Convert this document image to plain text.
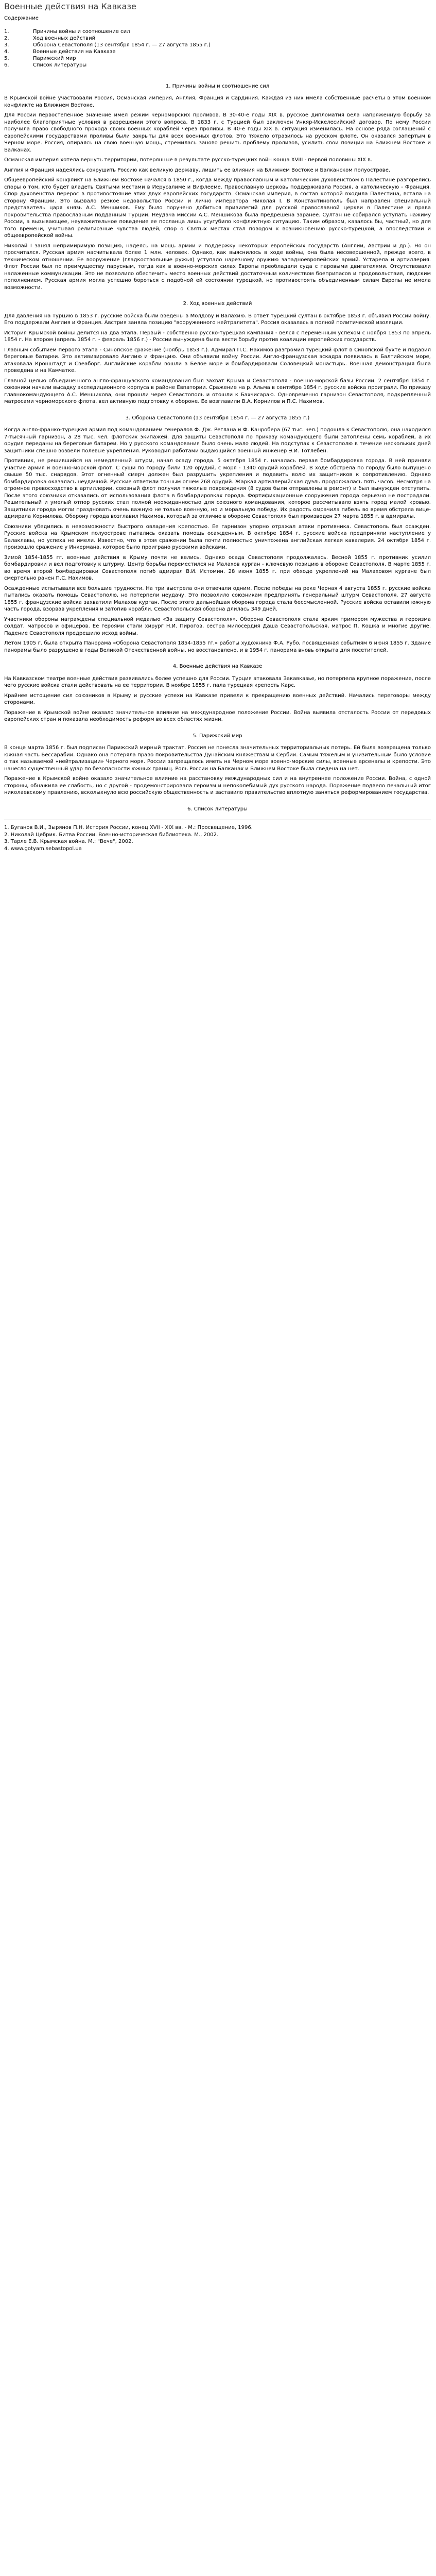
Военные действия на Кавказе
Содержание
1.	Причины войны и соотношение сил
2.	Ход военных действий
3.	Оборона Севастополя (13 сентября 1854 г. — 27 августа 1855 г.)
4.	Военные действия на Кавказе
5.	Парижский мир
6.	Список литературы
1. Причины войны и соотношение сил

В Крымской войне участвовали Россия, Османская империя, Англия, Франция и Сардиния. Каждая из них имела собственные расчеты в этом военном конфликте на Ближнем Востоке.

Для России первостепенное значение имел режим черноморских проливов. В 30-40-е годы XIX в. русское дипломатия вела напряженную борьбу за наиболее благоприятные условия в разрешении этого вопроса. В 1833 г. с Турцией был заключен Ункяр-Искелесийский договор. По нему России получила право свободного прохода своих военных кораблей через проливы. В 40-е годы XIX в. ситуация изменилась. На основе ряда соглашений с европейскими государствами проливы были закрыты для всех военных флотов. Это тяжело отразилось на русском флоте. Он оказался запертым в Черном море. Россия, опираясь на свою военную мощь, стремилась заново решить проблему проливов, усилить свои позиции на Ближнем Востоке и Балканах.

Османская империя хотела вернуть территории, потерянные в результате русско-турецких войн конца XVIII - первой половины XIX в.

Англия и Франция надеялись сокрушить Россию как великую державу, лишить ее влияния на Ближнем Востоке и Балканском полуострове.

Общеевропейский конфликт на Ближнем Востоке начался в 1850 г., когда между православным и католическим духовенством в Палестине разгорелись споры о том, кто будет владеть Святыми местами в Иерусалиме и Вифлееме. Православную церковь поддерживала Россия, а католическую - Франция. Спор духовенства перерос в противостояние этих двух европейских государств. Османская империя, в состав которой входила Палестина, встала на сторону Франции. Это вызвало резкое недовольство России и лично императора Николая I. В Константинополь был направлен специальный представитель царя князь А.С. Меншиков. Ему было поручено добиться привилегий для русской православной церкви в Палестине и права покровительства православным подданным Турции. Неудача миссии А.С. Меншикова была предрешена заранее. Султан не собирался уступать нажиму России, а вызывающее, неуважительное поведение ее посланца лишь усугубило конфликтную ситуацию. Таким образом, казалось бы, частный, но для того времени, учитывая религиозные чувства людей, спор о Святых местах стал поводом к возникновению русско-турецкой, а впоследствии и общеевропейской войны.

Николай I занял непримиримую позицию, надеясь на мощь армии и поддержку некоторых европейских государств (Англии, Австрии и др.). Но он просчитался. Русская армия насчитывала более 1 млн. человек. Однако, как выяснилось в ходе войны, она была несовершенной, прежде всего, в техническом отношении. Ее вооружение (гладкоствольные ружья) уступало нарезному оружию западноевропейских армий. Устарела и артиллерия. Флот России был по преимуществу парусным, тогда как в военно-морских силах Европы преобладали суда с паровыми двигателями. Отсутствовали налаженные коммуникации. Это не позволило обеспечить место военных действий достаточным количеством боеприпасов и продовольствия, людским пополнением. Русская армия могла успешно бороться с подобной ей состоянии турецкой, но противостоять объединенным силам Европы не имела возможности.

2. Ход военных действий

Для давления на Турцию в 1853 г. русские войска были введены в Молдову и Валахию. В ответ турецкий султан в октябре 1853 г. объявил России войну. Его поддержали Англия и Франция. Австрия заняла позицию "вооруженного нейтралитета". Россия оказалась в полной политической изоляции.

История Крымской войны делится на два этапа. Первый - собственно русско-турецкая кампания - велся с переменным успехом с ноября 1853 по апрель 1854 г. На втором (апрель 1854 г. - февраль 1856 г.) - России вынуждена была вести борьбу против коалиции европейских государств.

Главным событием первого этапа - Синопское сражение (ноябрь 1853 г.). Адмирал П.С. Нахимов разгромил турецкий флот в Синопской бухте и подавил береговые батареи. Это активизировало Англию и Францию. Они объявили войну России. Англо-французская эскадра появилась в Балтийском море, атаковала Кронштадт и Свеаборг. Английские корабли вошли в Белое море и бомбардировали Соловецкий монастырь. Военная демонстрация была проведена и на Камчатке.

Главной целью объединенного англо-французского командования был захват Крыма и Севастополя - военно-морской базы России. 2 сентября 1854 г. союзники начали высадку экспедиционного корпуса в районе Евпатории. Сражение на р. Альма в сентябре 1854 г. русские войска проиграли. По приказу главнокомандующего А.С. Меншикова, они прошли через Севастополь и отошли к Бахчисараю. Одновременно гарнизон Севастополя, подкрепленный матросами черноморского флота, вел активную подготовку к обороне. Ее возглавили В.А. Корнилов и П.С. Нахимов.

3. Оборона Севастополя (13 сентября 1854 г. — 27 августа 1855 г.)

Когда англо-франко-турецкая армия под командованием генералов Ф. Дж. Реглана и Ф. Канробера (67 тыс. чел.) подошла к Севастополю, она находился 7-тысячный гарнизон, а 28 тыс. чел. флотских экипажей. Для защиты Севастополя по приказу командующего были затоплены семь кораблей, а их орудия переданы на береговые батареи. Но у русского командования было очень мало людей. На подступах к Севастополю в течение нескольких дней защитники спешно возвели полевые укрепления. Руководил работами выдающийся военный инженер Э.И. Тотлебен.

Противник, не решившийся на немедленный штурм, начал осаду города. 5 октября 1854 г. началась первая бомбардировка города. В ней приняли участие армия и военно-морской флот. С суши по городу били 120 орудий, с моря - 1340 орудий кораблей. В ходе обстрела по городу было выпущено свыше 50 тыс. снарядов. Этот огненный смерч должен был разрушить укрепления и подавить волю их защитников к сопротивлению. Однако бомбардировка оказалась неудачной. Русские ответили точным огнем 268 орудий. Жаркая артиллерийская дуэль продолжалась пять часов. Несмотря на огромное превосходство в артиллерии, союзный флот получил тяжелые повреждения (8 судов были отправлены в ремонт) и был вынужден отступить. После этого союзники отказались от использования флота в бомбардировках города. Фортификационные сооружения города серьезно не пострадали. Решительный и умелый отпор русских стал полной неожиданностью для союзного командования, которое рассчитывало взять город малой кровью. Защитники города могли праздновать очень важную не только военную, но и моральную победу. Их радость омрачила гибель во время обстрела вице-адмирала Корнилова. Оборону города возглавил Нахимов, который за отличие в обороне Севастополя был произведен 27 марта 1855 г. в адмиралы.

Союзники убедились в невозможности быстрого овладения крепостью. Ее гарнизон упорно отражал атаки противника. Севастополь был осажден. Русские войска на Крымском полуострове пытались оказать помощь осажденным. В октябре 1854 г. русские войска предприняли наступление у Балаклавы, но успеха не имели. Известно, что в этом сражении была почти полностью уничтожена английская легкая кавалерия. 24 октября 1854 г. произошло сражение у Инкермана, которое было проиграно русскими войсками.

Зимой 1854-1855 гг. военные действия в Крыму почти не велись. Однако осада Севастополя продолжалась. Весной 1855 г. противник усилил бомбардировки и вел подготовку к штурму. Центр борьбы переместился на Малахов курган - ключевую позицию в обороне Севастополя. В марте 1855 г. во время второй бомбардировки Севастополя погиб адмирал В.И. Истомин. 28 июня 1855 г. при обходе укреплений на Малаховом кургане был смертельно ранен П.С. Нахимов.

Осажденные испытывали все большие трудности. На три выстрела они отвечали одним. После победы на реке Черная 4 августа 1855 г. русские войска пытались оказать помощь Севастополю, но потерпели неудачу. Это позволило союзникам предпринять генеральный штурм Севастополя. 27 августа 1855 г. французские войска захватили Малахов курган. После этого дальнейшая оборона города стала бессмысленной. Русские войска оставили южную часть города, взорвав укрепления и затопив корабли. Севастопольская оборона длилась 349 дней.

Участники обороны награждены специальной медалью «За защиту Севастополя». Оборона Севастополя стала ярким примером мужества и героизма солдат, матросов и офицеров. Ее героями стали хирург Н.И. Пирогов, сестра милосердия Даша Севастопольская, матрос П. Кошка и многие другие. Падение Севастополя предрешило исход войны.

Летом 1905 г. была открыта Панорама «Оборона Севастополя 1854-1855 гг.» работы художника Ф.А. Рубо, посвященная событиям 6 июня 1855 г. Здание панорамы было разрушено в годы Великой Отечественной войны, но восстановлено, и в 1954 г. панорама вновь открыта для посетителей.

4. Военные действия на Кавказе

На Кавказском театре военные действия развивались более успешно для России. Турция атаковала Закавказье, но потерпела крупное поражение, после чего русские войска стали действовать на ее территории. В ноябре 1855 г. пала турецкая крепость Карс.

Крайнее истощение сил союзников в Крыму и русские успехи на Кавказе привели к прекращению военных действий. Начались переговоры между сторонами.

Поражение в Крымской войне оказало значительное влияние на международное положение России. Война выявила отсталость России от передовых европейских стран и показала необходимость реформ во всех областях жизни.

5. Парижский мир

В конце марта 1856 г. был подписан Парижский мирный трактат. Россия не понесла значительных территориальных потерь. Ей была возвращена только южная часть Бессарабии. Однако она потеряла право покровительства Дунайским княжествам и Сербии. Самым тяжелым и унизительным было условие о так называемой «нейтрализации» Черного моря. России запрещалось иметь на Черном море военно-морские силы, военные арсеналы и крепости. Это нанесло существенный удар по безопасности южных границ. Роль России на Балканах и Ближнем Востоке была сведена на нет.

Поражение в Крымской войне оказало значительное влияние на расстановку международных сил и на внутреннее положение России. Война, с одной стороны, обнажила ее слабость, но с другой - продемонстрировала героизм и непоколебимый дух русского народа. Поражение подвело печальный итог николаевскому правлению, всколыхнуло всю российскую общественность и заставило правительство вплотную заняться реформированием государства.

6. Список литературы

1. Буганов В.И., Зырянов П.Н. История России, конец XVII - XIX вв. - М.: Просвещение, 1996.

2. Николай Цебрик. Битва России. Военно-историческая библиотека. М., 2002.

3. Тарле Е.В. Крымская война. М.: "Вече", 2002.

4. www.gotyam.sebastopol.ua
